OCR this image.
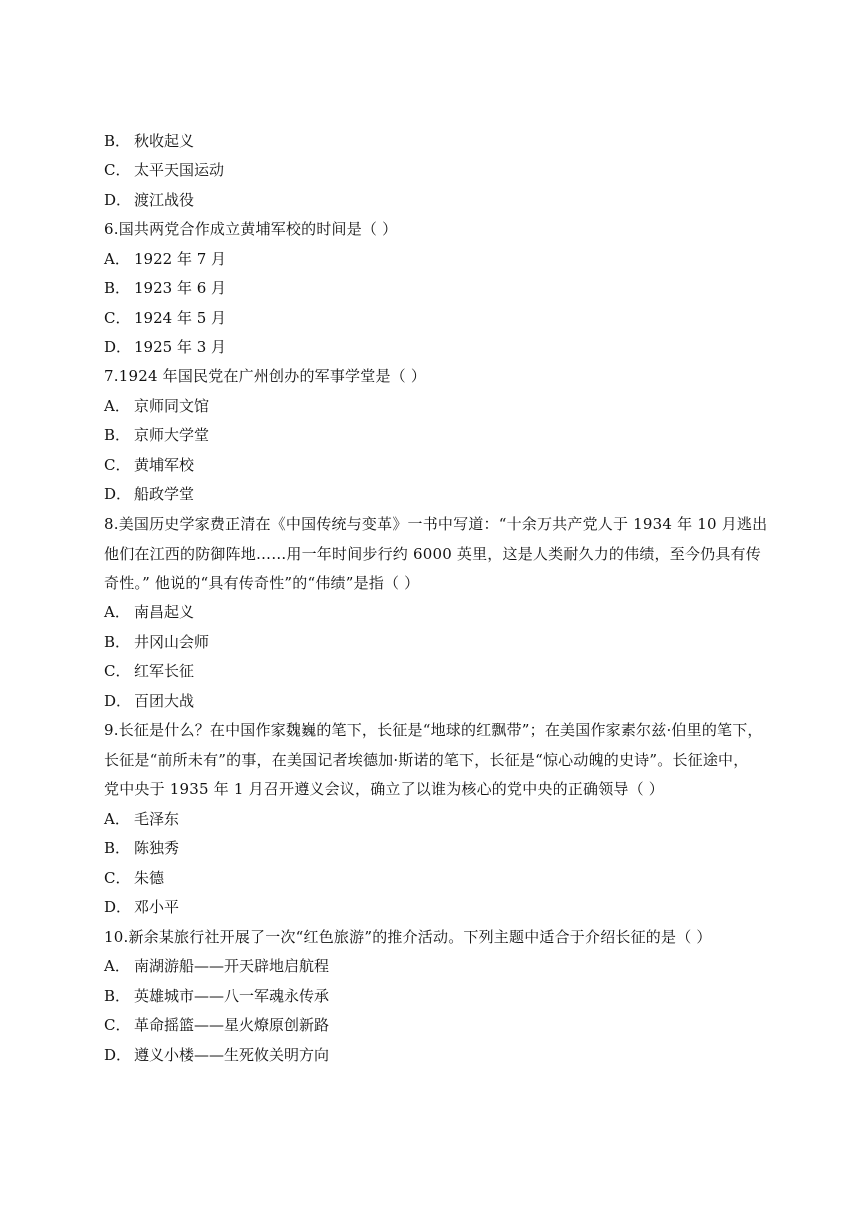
B． 秋收起义
C． 太平天国运动
D． 渡江战役
6.国共两党合作成立黄埔军校的时间是（ ）
A． 1922 年 7 月
B． 1923 年 6 月
C． 1924 年 5 月
D． 1925 年 3 月
7.1924 年国民党在广州创办的军事学堂是（ ）
A． 京师同文馆
B． 京师大学堂
C． 黄埔军校
D． 船政学堂
8.美国历史学家费正清在《中国传统与变革》一书中写道：“十余万共产党人于 1934 年 10 月逃出
他们在江西的防御阵地……用一年时间步行约 6000 英里，这是人类耐久力的伟绩，至今仍具有传
奇性。” 他说的“具有传奇性”的“伟绩”是指（ ）
A． 南昌起义
B． 井冈山会师
C． 红军长征
D． 百团大战
9.长征是什么？在中国作家魏巍的笔下，长征是“地球的红飘带”；在美国作家素尔兹·伯里的笔下，
长征是“前所未有”的事，在美国记者埃德加·斯诺的笔下，长征是“惊心动魄的史诗”。长征途中，
党中央于 1935 年 1 月召开遵义会议，确立了以谁为核心的党中央的正确领导（ ）
A． 毛泽东
B． 陈独秀
C． 朱德
D． 邓小平
10.新余某旅行社开展了一次“红色旅游”的推介活动。下列主题中适合于介绍长征的是（ ）
A． 南湖游船——开天辟地启航程
B． 英雄城市——八一军魂永传承
C． 革命摇篮——星火燎原创新路
D． 遵义小楼——生死攸关明方向
